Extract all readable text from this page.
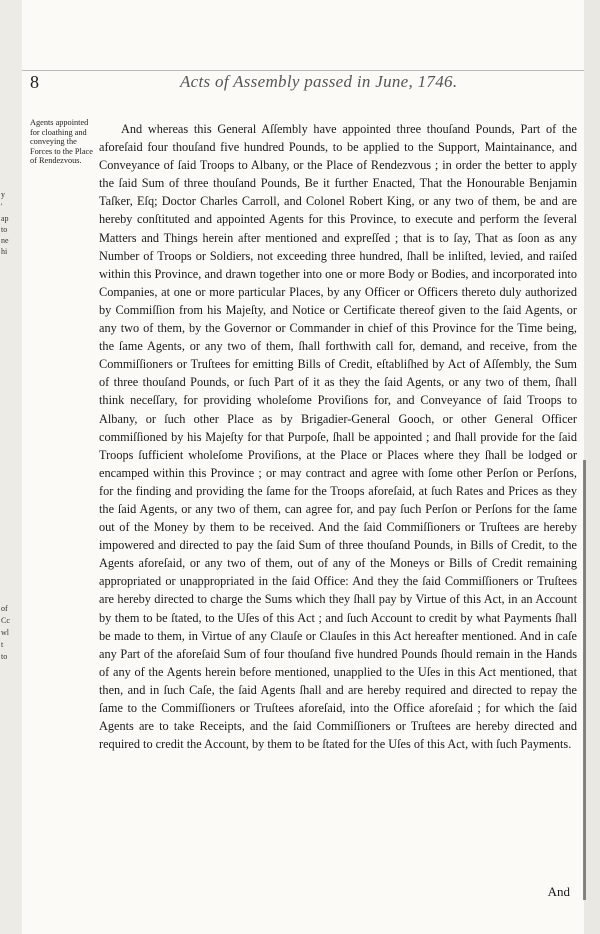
y
'
ap
to
ne
hi
of
Cc
wl
t
to
8	Acts of Assembly passed in June, 1746.
Agents appointed for cloathing and conveying the Forces to the Place of Rendezvous.

And whereas this General Aſſembly have appointed three thouſand Pounds, Part of the aforeſaid four thouſand five hundred Pounds, to be applied to the Support, Maintainance, and Conveyance of ſaid Troops to Albany, or the Place of Rendezvous ; in order the better to apply the ſaid Sum of three thouſand Pounds, Be it further Enacted, That the Honourable Benjamin Taſker, Eſq; Doctor Charles Carroll, and Colonel Robert King, or any two of them, be and are hereby conſtituted and appointed Agents for this Province, to execute and perform the ſeveral Matters and Things herein after mentioned and expreſſed ; that is to ſay, That as ſoon as any Number of Troops or Soldiers, not exceeding three hundred, ſhall be inliſted, levied, and raiſed within this Province, and drawn together into one or more Body or Bodies, and incorporated into Companies, at one or more particular Places, by any Officer or Officers thereto duly authorized by Commiſſion from his Majeſty, and Notice or Certificate thereof given to the ſaid Agents, or any two of them, by the Governor or Commander in chief of this Province for the Time being, the ſame Agents, or any two of them, ſhall forthwith call for, demand, and receive, from the Commiſſioners or Truſtees for emitting Bills of Credit, eſtabliſhed by Act of Aſſembly, the Sum of three thouſand Pounds, or ſuch Part of it as they the ſaid Agents, or any two of them, ſhall think neceſſary, for providing wholeſome Proviſions for, and Conveyance of ſaid Troops to Albany, or ſuch other Place as by Brigadier-General Gooch, or other General Officer commiſſioned by his Majeſty for that Purpoſe, ſhall be appointed ; and ſhall provide for the ſaid Troops ſufficient wholeſome Proviſions, at the Place or Places where they ſhall be lodged or encamped within this Province ; or may contract and agree with ſome other Perſon or Perſons, for the finding and providing the ſame for the Troops aforeſaid, at ſuch Rates and Prices as they the ſaid Agents, or any two of them, can agree for, and pay ſuch Perſon or Perſons for the ſame out of the Money by them to be received. And the ſaid Commiſſioners or Truſtees are hereby impowered and directed to pay the ſaid Sum of three thouſand Pounds, in Bills of Credit, to the Agents aforeſaid, or any two of them, out of any of the Moneys or Bills of Credit remaining appropriated or unappropriated in the ſaid Office: And they the ſaid Commiſſioners or Truſtees are hereby directed to charge the Sums which they ſhall pay by Virtue of this Act, in an Account by them to be ſtated, to the Uſes of this Act ; and ſuch Account to credit by what Payments ſhall be made to them, in Virtue of any Clauſe or Clauſes in this Act hereafter mentioned. And in caſe any Part of the aforeſaid Sum of four thouſand five hundred Pounds ſhould remain in the Hands of any of the Agents herein before mentioned, unapplied to the Uſes in this Act mentioned, that then, and in ſuch Caſe, the ſaid Agents ſhall and are hereby required and directed to repay the ſame to the Commiſſioners or Truſtees aforeſaid, into the Office aforeſaid ; for which the ſaid Agents are to take Receipts, and the ſaid Commiſſioners or Truſtees are hereby directed and required to credit the Account, by them to be ſtated for the Uſes of this Act, with ſuch Payments.

And
